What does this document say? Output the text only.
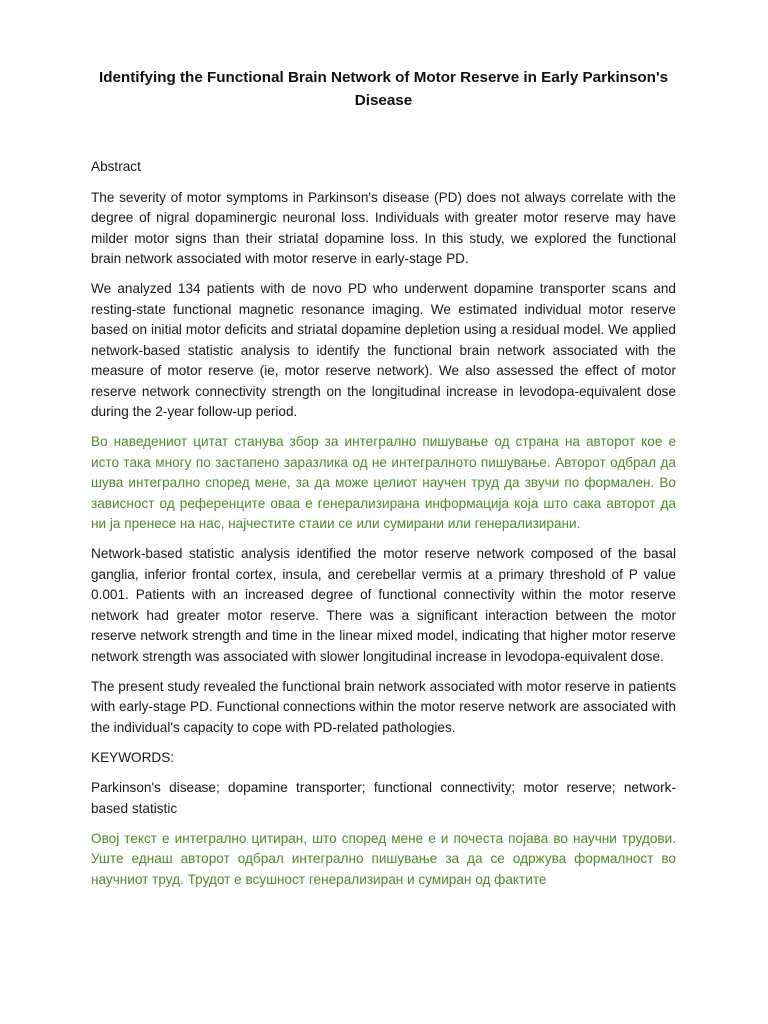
Identifying the Functional Brain Network of Motor Reserve in Early Parkinson's Disease
Abstract
The severity of motor symptoms in Parkinson's disease (PD) does not always correlate with the degree of nigral dopaminergic neuronal loss. Individuals with greater motor reserve may have milder motor signs than their striatal dopamine loss. In this study, we explored the functional brain network associated with motor reserve in early-stage PD.
We analyzed 134 patients with de novo PD who underwent dopamine transporter scans and resting-state functional magnetic resonance imaging. We estimated individual motor reserve based on initial motor deficits and striatal dopamine depletion using a residual model. We applied network-based statistic analysis to identify the functional brain network associated with the measure of motor reserve (ie, motor reserve network). We also assessed the effect of motor reserve network connectivity strength on the longitudinal increase in levodopa-equivalent dose during the 2-year follow-up period.
Во наведениот цитат станува збор за интегрално пишување од страна на авторот кое е исто така многу по застапено заразлика од не интегралното пишување. Авторот одбрал да шува интегрално според мене, за да може целиот научен труд да звучи по формален. Во зависност од референците оваа е генерализирана информација која што сака авторот да ни ја пренесе на нас, најчестите стаии се или сумирани или генерализирани.
Network-based statistic analysis identified the motor reserve network composed of the basal ganglia, inferior frontal cortex, insula, and cerebellar vermis at a primary threshold of P value 0.001. Patients with an increased degree of functional connectivity within the motor reserve network had greater motor reserve. There was a significant interaction between the motor reserve network strength and time in the linear mixed model, indicating that higher motor reserve network strength was associated with slower longitudinal increase in levodopa-equivalent dose.
The present study revealed the functional brain network associated with motor reserve in patients with early-stage PD. Functional connections within the motor reserve network are associated with the individual's capacity to cope with PD-related pathologies.
KEYWORDS:
Parkinson's disease; dopamine transporter; functional connectivity; motor reserve; network-based statistic
Овој текст е интегрално цитиран, што според мене е и почеста појава во научни трудови. Уште еднаш авторот одбрал интегрално пишување за да се одржува формалност во научниот труд. Трудот е всушност генерализиран и сумиран од фактите
